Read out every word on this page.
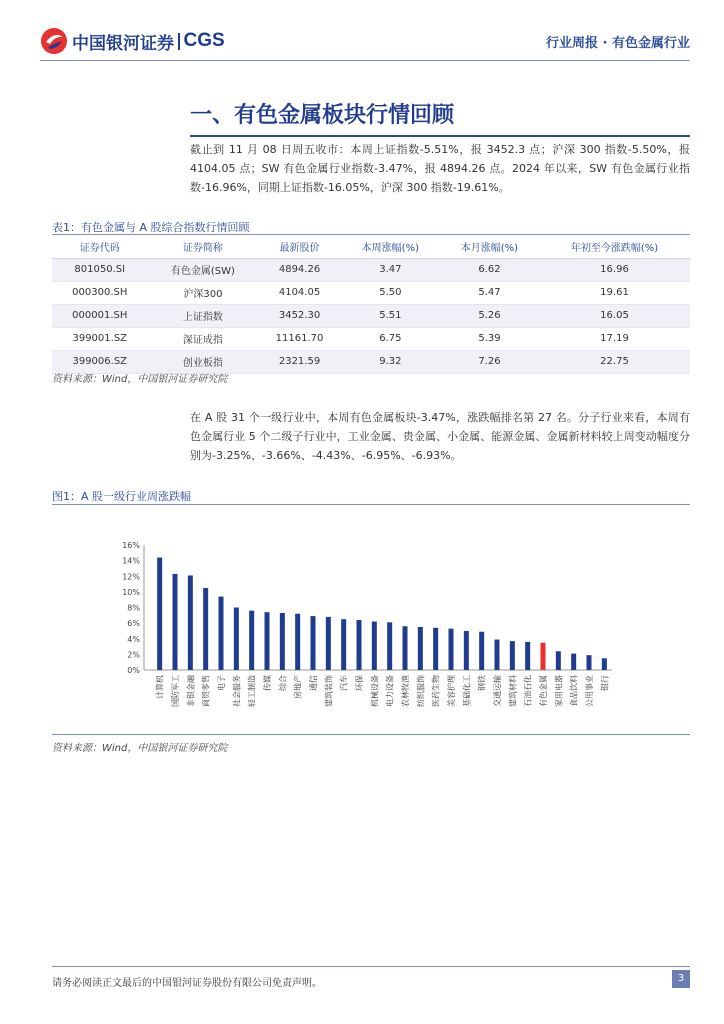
中国银河证券 CGS	行业周报 · 有色金属行业
一、有色金属板块行情回顾

截止到 11 月 08 日周五收市：本周上证指数-5.51%，报 3452.3 点；沪深 300 指数-5.50%，报 4104.05 点；SW 有色金属行业指数-3.47%，报 4894.26 点。2024 年以来，SW 有色金属行业指数-16.96%，同期上证指数-16.05%，沪深 300 指数-19.61%。

表1：有色金属与 A 股综合指数行情回顾
证券代码	证券简称	最新股价	本周涨幅(%)	本月涨幅(%)	年初至今涨跌幅(%)
801050.SI	有色金属(SW)	4894.26	3.47	6.62	16.96
000300.SH	沪深300	4104.05	5.50	5.47	19.61
000001.SH	上证指数	3452.30	5.51	5.26	16.05
399001.SZ	深证成指	11161.70	6.75	5.39	17.19
399006.SZ	创业板指	2321.59	9.32	7.26	22.75
资料来源：Wind，中国银河证券研究院

在 A 股 31 个一级行业中，本周有色金属板块-3.47%，涨跌幅排名第 27 名。分子行业来看，本周有色金属行业 5 个二级子行业中，工业金属、贵金属、小金属、能源金属、金属新材料较上周变动幅度分别为-3.25%、-3.66%、-4.43%、-6.95%、-6.93%。

图1：A 股一级行业周涨跌幅
16%
14%
12%
10%
8%
6%
4%
2%
0%
计算机 国防军工 非银金融 商贸零售 电子 社会服务 轻工制造 传媒 综合 房地产 通信 建筑装饰 汽车 环保 机械设备 电力设备 农林牧渔 纺织服饰 医药生物 美容护理 基础化工 钢铁 交通运输 建筑材料 石油石化 有色金属 家用电器 食品饮料 公用事业 银行
资料来源：Wind，中国银河证券研究院
请务必阅读正文最后的中国银河证券股份有限公司免责声明。	3
